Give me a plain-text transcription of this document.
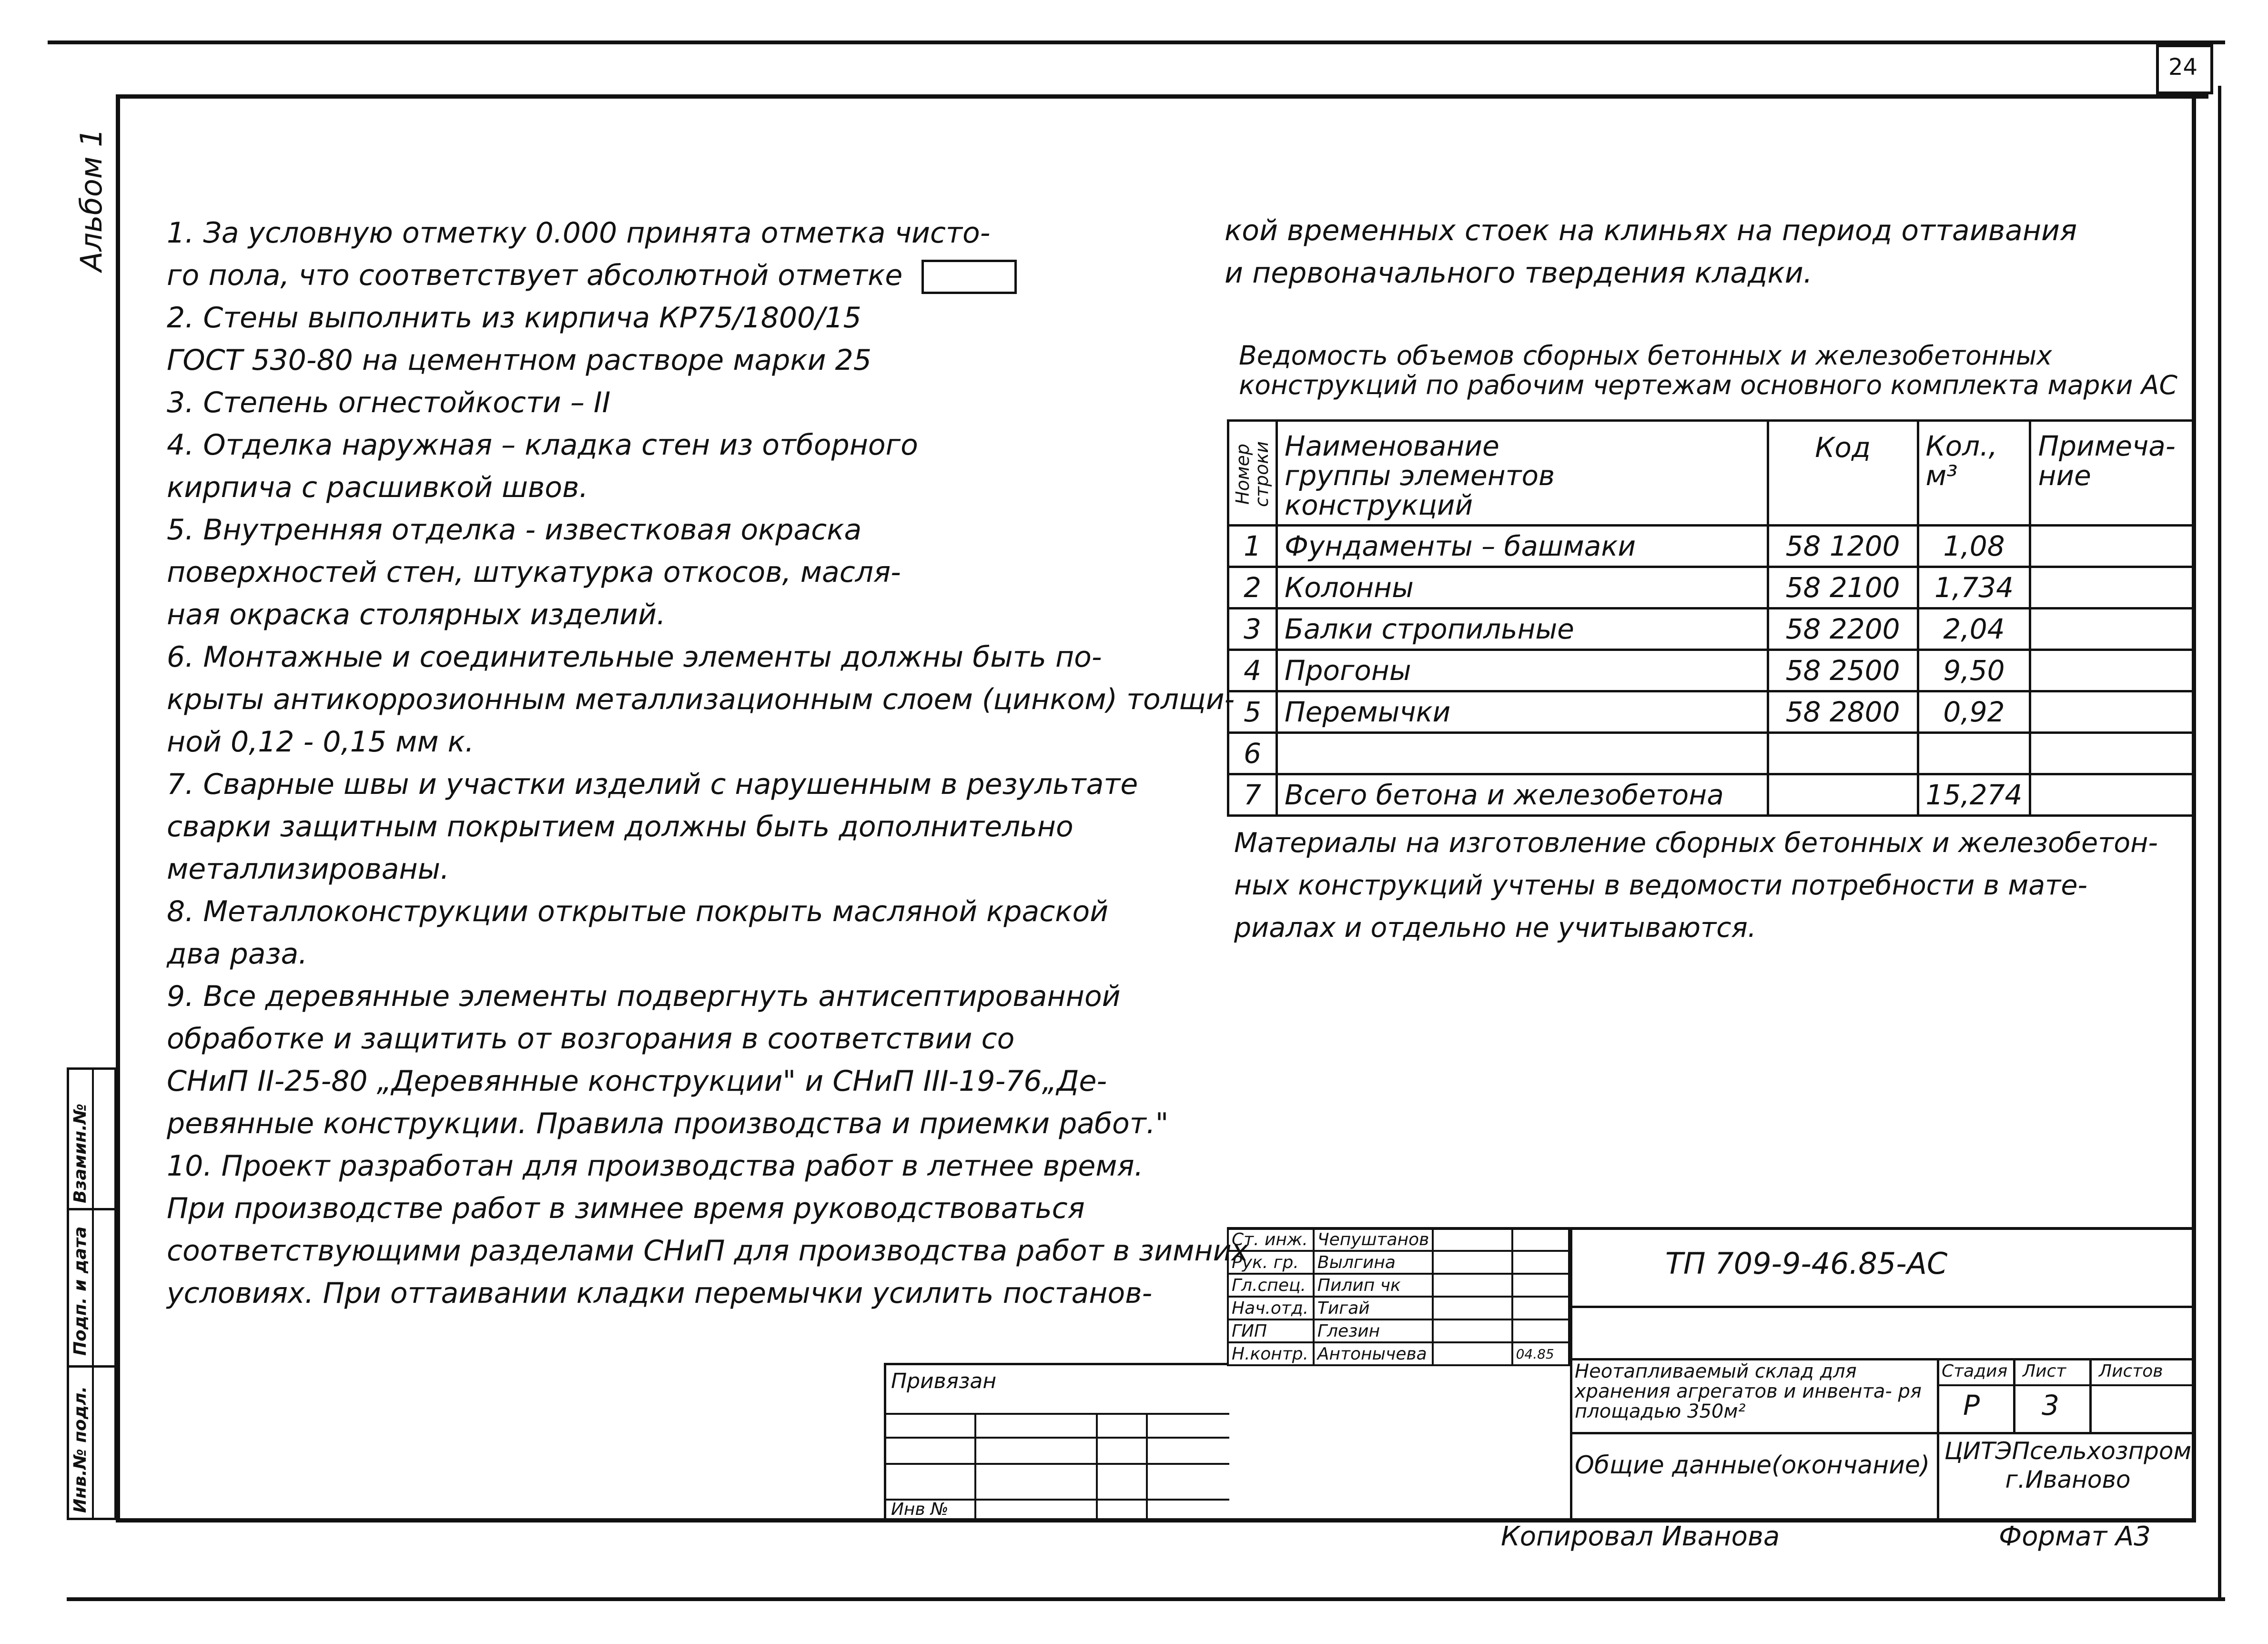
24
Альбом 1
Взамин.№
Подп. и дата
Инв.№ подл.

1. За условную отметку 0.000 принята отметка чисто-

го пола, что соответствует абсолютной отметке

2. Стены выполнить из кирпича КР75/1800/15

ГОСТ 530-80 на цементном растворе марки 25

3. Степень огнестойкости – II

4. Отделка наружная – кладка стен из отборного

кирпича с расшивкой швов.

5. Внутренняя отделка - известковая окраска

поверхностей стен, штукатурка откосов, масля-

ная окраска столярных изделий.

6. Монтажные и соединительные элементы должны быть по-

крыты антикоррозионным металлизационным слоем (цинком) толщи-

ной 0,12 - 0,15 мм к.

7. Сварные швы и участки изделий с нарушенным в результате

сварки защитным покрытием должны быть дополнительно

металлизированы.

8. Металлоконструкции открытые покрыть масляной краской

два раза.

9. Все деревянные элементы подвергнуть антисептированной

обработке и защитить от возгорания в соответствии со

СНиП II-25-80 „Деревянные конструкции" и СНиП III-19-76„Де-

ревянные конструкции. Правила производства и приемки работ."

10. Проект разработан для производства работ в летнее время.

При производстве работ в зимнее время руководствоваться

соответствующими разделами СНиП для производства работ в зимних

условиях. При оттаивании кладки перемычки усилить постанов-

кой временных стоек на клиньях на период оттаивания

и первоначального твердения кладки.

Ведомость объемов сборных бетонных и железобетонных
конструкций по рабочим чертежам основного комплекта марки АС
Номер строки	Наименование группы элементов конструкций	Код	Кол., м³	Примеча- ние
1	Фундаменты – башмаки	58 1200	1,08	
2	Колонны	58 2100	1,734	
3	Балки стропильные	58 2200	2,04	
4	Прогоны	58 2500	9,50	
5	Перемычки	58 2800	0,92	
6				
7	Всего бетона и железобетона		15,274	

Материалы на изготовление сборных бетонных и железобетон-

ных конструкций учтены в ведомости потребности в мате-

риалах и отдельно не учитываются.

Ст. инж.	Чепуштанов		
Рук. гр.	Вылгина		
Гл.спец.	Пилип чк		
Нач.отд.	Тигай		
ГИП	Глезин		
Н.контр.	Антонычева		04.85
ТП 709-9-46.85-АС
Неотапливаемый склад для хранения агрегатов и инвента- ря площадью 350м²
Общие данные(окончание)
Стадия Лист Листов
Р 3
ЦИТЭПсельхозпром
г.Иваново
Привязан
Инв №
Копировал Иванова	Формат А3
